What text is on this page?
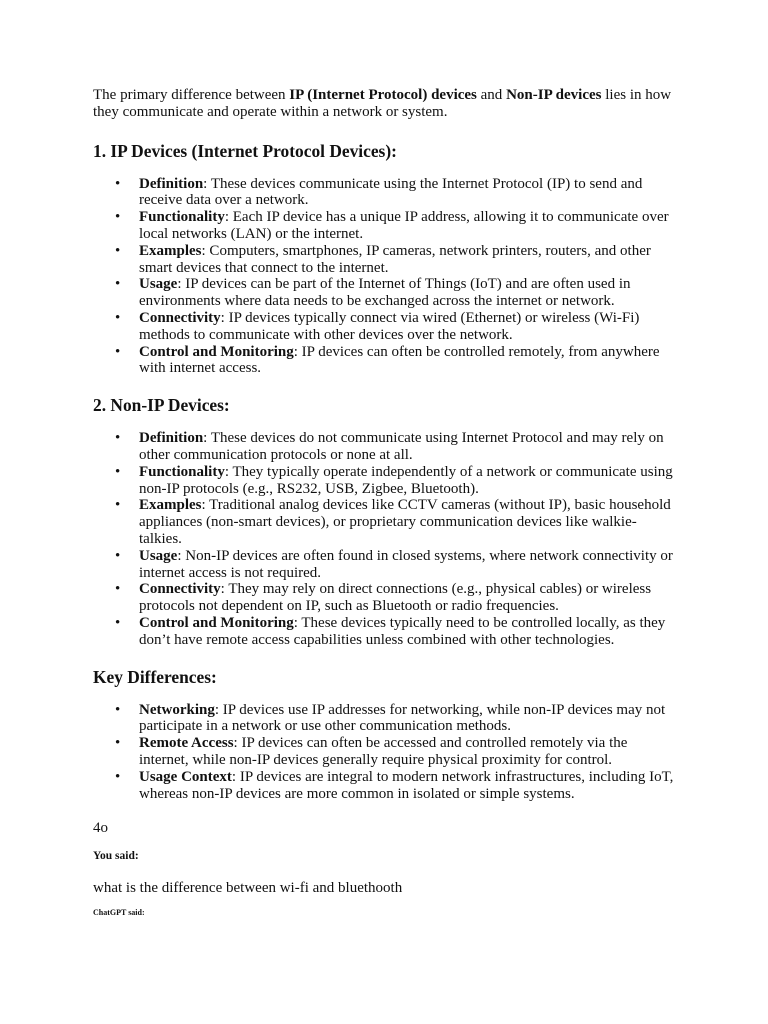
The primary difference between IP (Internet Protocol) devices and Non-IP devices lies in how they communicate and operate within a network or system.

1. IP Devices (Internet Protocol Devices):
• Definition: These devices communicate using the Internet Protocol (IP) to send and receive data over a network.
• Functionality: Each IP device has a unique IP address, allowing it to communicate over local networks (LAN) or the internet.
• Examples: Computers, smartphones, IP cameras, network printers, routers, and other smart devices that connect to the internet.
• Usage: IP devices can be part of the Internet of Things (IoT) and are often used in environments where data needs to be exchanged across the internet or network.
• Connectivity: IP devices typically connect via wired (Ethernet) or wireless (Wi-Fi) methods to communicate with other devices over the network.
• Control and Monitoring: IP devices can often be controlled remotely, from anywhere with internet access.
2. Non-IP Devices:
• Definition: These devices do not communicate using Internet Protocol and may rely on other communication protocols or none at all.
• Functionality: They typically operate independently of a network or communicate using non-IP protocols (e.g., RS232, USB, Zigbee, Bluetooth).
• Examples: Traditional analog devices like CCTV cameras (without IP), basic household appliances (non-smart devices), or proprietary communication devices like walkie-talkies.
• Usage: Non-IP devices are often found in closed systems, where network connectivity or internet access is not required.
• Connectivity: They may rely on direct connections (e.g., physical cables) or wireless protocols not dependent on IP, such as Bluetooth or radio frequencies.
• Control and Monitoring: These devices typically need to be controlled locally, as they don’t have remote access capabilities unless combined with other technologies.
Key Differences:
• Networking: IP devices use IP addresses for networking, while non-IP devices may not participate in a network or use other communication methods.
• Remote Access: IP devices can often be accessed and controlled remotely via the internet, while non-IP devices generally require physical proximity for control.
• Usage Context: IP devices are integral to modern network infrastructures, including IoT, whereas non-IP devices are more common in isolated or simple systems.
4o
You said:
what is the difference between wi-fi and bluethooth
ChatGPT said:
